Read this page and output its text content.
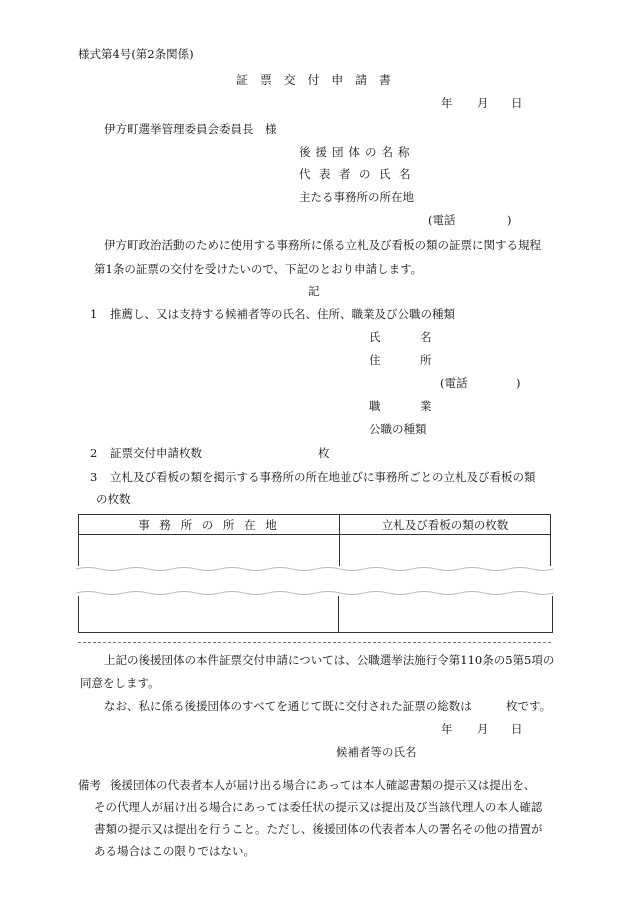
様式第4号(第2条関係)
証 票 交 付 申 請 書
年 月 日
伊方町選挙管理委員会委員長　様
後援団体の名称
代表者の氏名
主たる事務所の所在地
(電話	)
伊方町政治活動のために使用する事務所に係る立札及び看板の類の証票に関する規程
第1条の証票の交付を受けたいので、下記のとおり申請します。
記
1 推薦し、又は支持する候補者等の氏名、住所、職業及び公職の種類
氏　名
住　所
(電話	)
職　業
公職の種類
2 証票交付申請枚数	枚
3 立札及び看板の類を掲示する事務所の所在地並びに事務所ごとの立札及び看板の類
の枚数
事 務 所 の 所 在 地	立札及び看板の類の枚数

上記の後援団体の本件証票交付申請については、公職選挙法施行令第110条の5第5項の
同意をします。
なお、私に係る後援団体のすべてを通じて既に交付された証票の総数は	枚です。
年 月 日
候補者等の氏名
備考 後援団体の代表者本人が届け出る場合にあっては本人確認書類の提示又は提出を、
その代理人が届け出る場合にあっては委任状の提示又は提出及び当該代理人の本人確認
書類の提示又は提出を行うこと。ただし、後援団体の代表者本人の署名その他の措置が
ある場合はこの限りではない。
